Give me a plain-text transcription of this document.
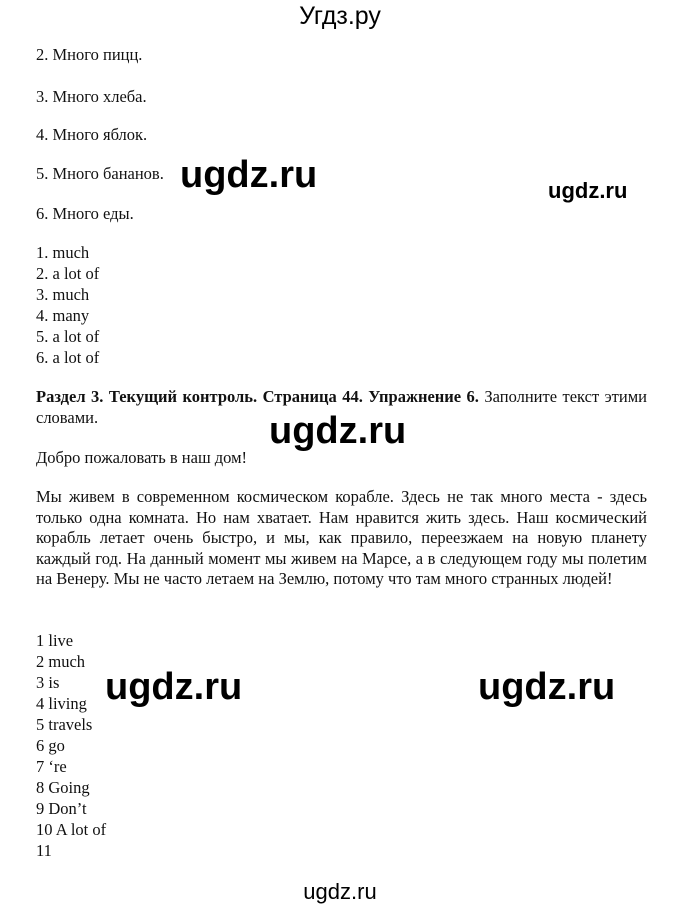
Угдз.ру
2. Много пицц.
3. Много хлеба.
4. Много яблок.
5. Много бананов.
6. Много еды.
1. much
2. a lot of
3. much
4. many
5. a lot of
6. a lot of
Раздел 3. Текущий контроль. Страница 44. Упражнение 6. Заполните текст этими словами.
Добро пожаловать в наш дом!
Мы живем в современном космическом корабле. Здесь не так много места - здесь только одна комната. Но нам хватает. Нам нравится жить здесь. Наш космический корабль летает очень быстро, и мы, как правило, переезжаем на новую планету каждый год. На данный момент мы живем на Марсе, а в следующем году мы полетим на Венеру. Мы не часто летаем на Землю, потому что там много странных людей!
1 live
2 much
3 is
4 living
5 travels
6 go
7 ‘re
8 Going
9 Don’t
10 A lot of
11
ugdz.ru	ugdz.ru
ugdz.ru
ugdz.ru	ugdz.ru
ugdz.ru
